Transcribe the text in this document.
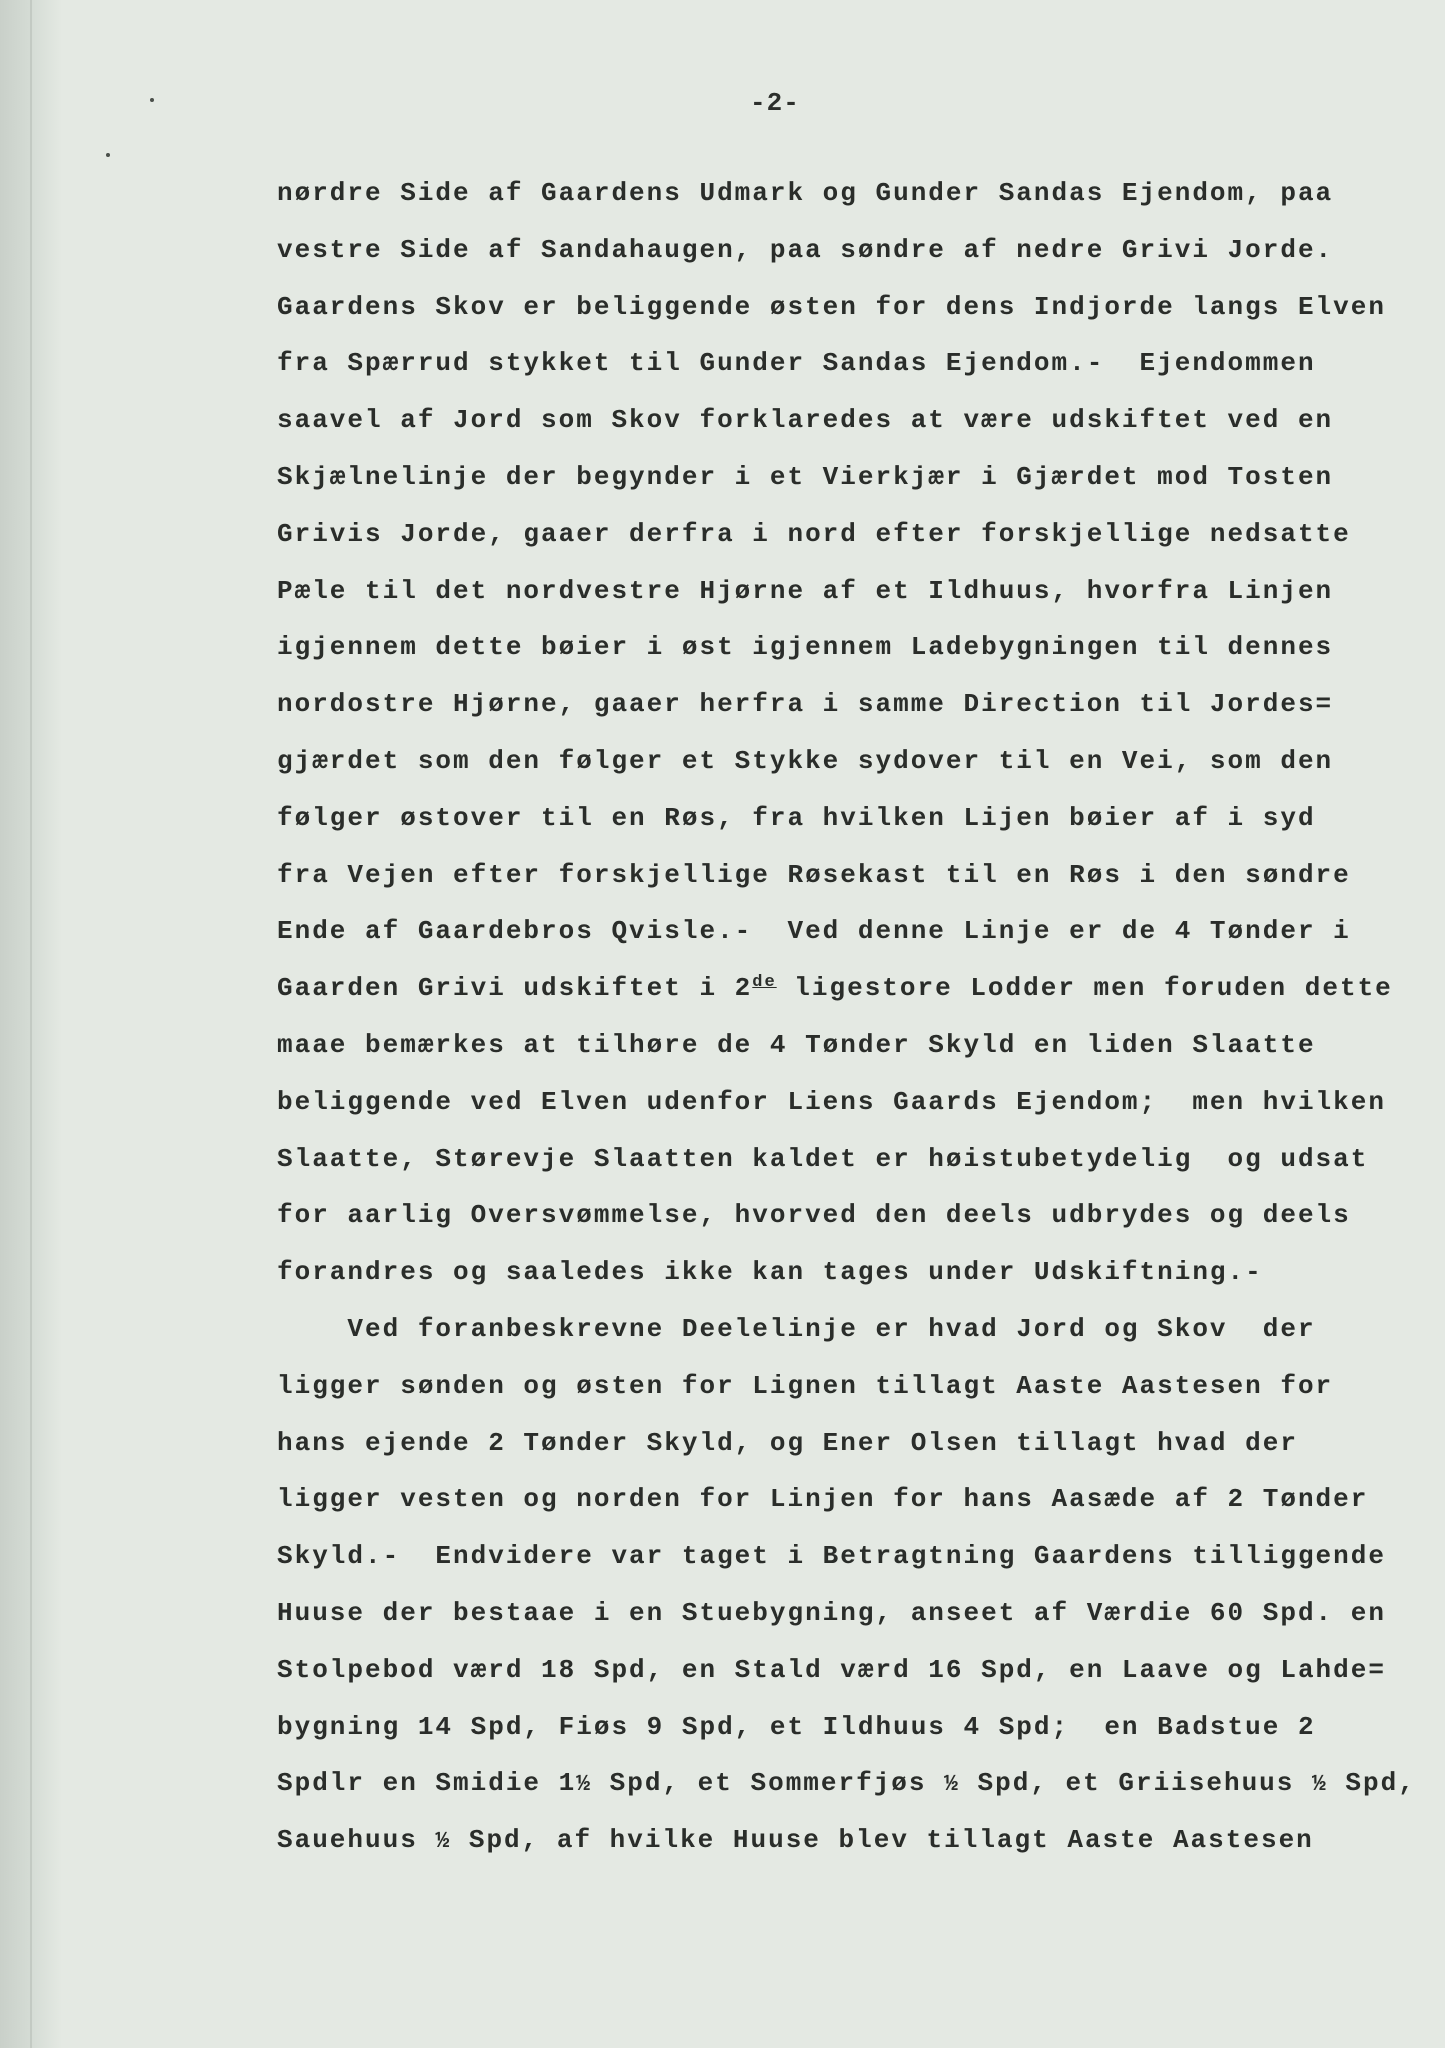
-2-
nørdre Side af Gaardens Udmark og Gunder Sandas Ejendom, paa
vestre Side af Sandahaugen, paa søndre af nedre Grivi Jorde.
Gaardens Skov er beliggende østen for dens Indjorde langs Elven
fra Spærrud stykket til Gunder Sandas Ejendom.-  Ejendommen
saavel af Jord som Skov forklaredes at være udskiftet ved en
Skjælnelinje der begynder i et Vierkjær i Gjærdet mod Tosten
Grivis Jorde, gaaer derfra i nord efter forskjellige nedsatte
Pæle til det nordvestre Hjørne af et Ildhuus, hvorfra Linjen
igjennem dette bøier i øst igjennem Ladebygningen til dennes
nordostre Hjørne, gaaer herfra i samme Direction til Jordes=
gjærdet som den følger et Stykke sydover til en Vei, som den
følger østover til en Røs, fra hvilken Lijen bøier af i syd
fra Vejen efter forskjellige Røsekast til en Røs i den søndre
Ende af Gaardebros Qvisle.-  Ved denne Linje er de 4 Tønder i
Gaarden Grivi udskiftet i 2de ligestore Lodder men foruden dette
maae bemærkes at tilhøre de 4 Tønder Skyld en liden Slaatte
beliggende ved Elven udenfor Liens Gaards Ejendom;  men hvilken
Slaatte, Størevje Slaatten kaldet er høistubetydelig  og udsat
for aarlig Oversvømmelse, hvorved den deels udbrydes og deels
forandres og saaledes ikke kan tages under Udskiftning.-
Ved foranbeskrevne Deelelinje er hvad Jord og Skov  der
ligger sønden og østen for Lignen tillagt Aaste Aastesen for
hans ejende 2 Tønder Skyld, og Ener Olsen tillagt hvad der
ligger vesten og norden for Linjen for hans Aasæde af 2 Tønder
Skyld.-  Endvidere var taget i Betragtning Gaardens tilliggende
Huuse der bestaae i en Stuebygning, anseet af Værdie 60 Spd. en
Stolpebod værd 18 Spd, en Stald værd 16 Spd, en Laave og Lahde=
bygning 14 Spd, Fiøs 9 Spd, et Ildhuus 4 Spd;  en Badstue 2
Spdlr en Smidie 1½ Spd, et Sommerfjøs ½ Spd, et Griisehuus ½ Spd,
Sauehuus ½ Spd, af hvilke Huuse blev tillagt Aaste Aastesen
